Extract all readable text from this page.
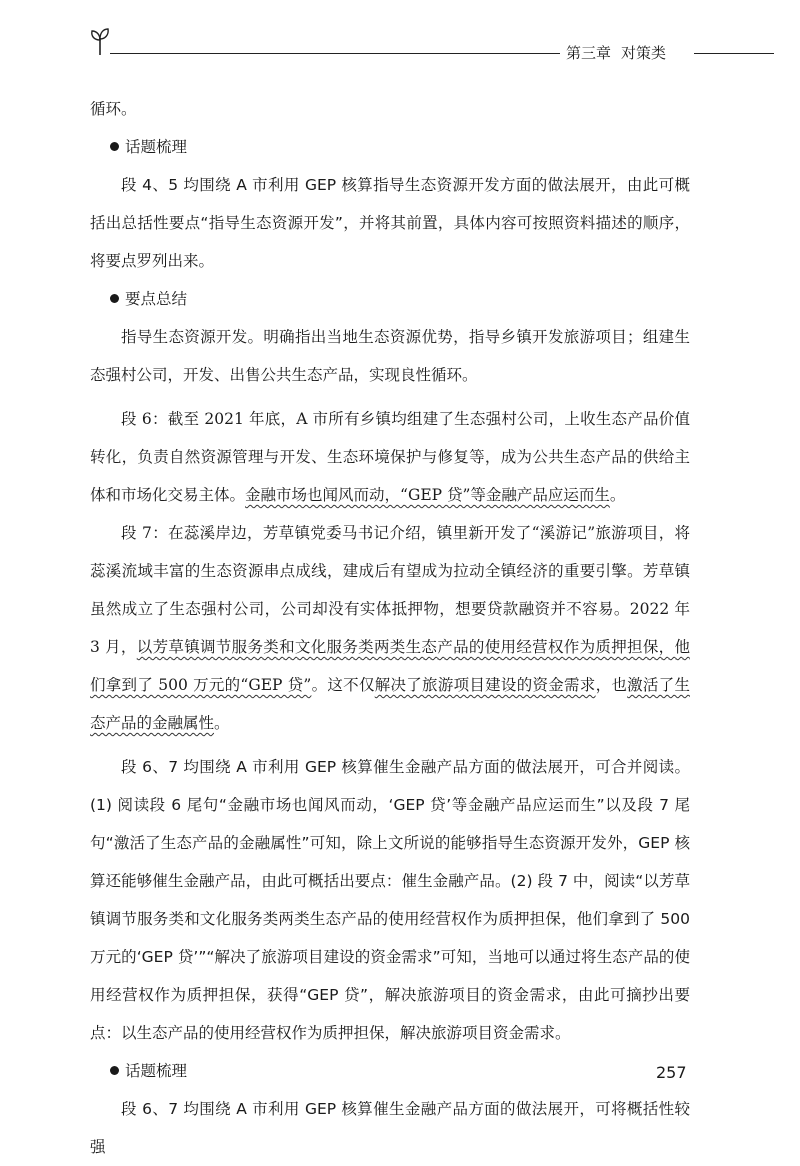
第三章 对策类

循环。

话题梳理

段 4、5 均围绕 A 市利用 GEP 核算指导生态资源开发方面的做法展开，由此可概括出总括性要点“指导生态资源开发”，并将其前置，具体内容可按照资料描述的顺序，将要点罗列出来。

要点总结

指导生态资源开发。明确指出当地生态资源优势，指导乡镇开发旅游项目；组建生态强村公司，开发、出售公共生态产品，实现良性循环。

段 6：截至 2021 年底，A 市所有乡镇均组建了生态强村公司，上收生态产品价值转化，负责自然资源管理与开发、生态环境保护与修复等，成为公共生态产品的供给主体和市场化交易主体。金融市场也闻风而动，“GEP 贷”等金融产品应运而生。

段 7：在蕊溪岸边，芳草镇党委马书记介绍，镇里新开发了“溪游记”旅游项目，将蕊溪流域丰富的生态资源串点成线，建成后有望成为拉动全镇经济的重要引擎。芳草镇虽然成立了生态强村公司，公司却没有实体抵押物，想要贷款融资并不容易。2022 年 3 月，以芳草镇调节服务类和文化服务类两类生态产品的使用经营权作为质押担保，他们拿到了 500 万元的“GEP 贷”。这不仅解决了旅游项目建设的资金需求，也激活了生态产品的金融属性。

段 6、7 均围绕 A 市利用 GEP 核算催生金融产品方面的做法展开，可合并阅读。(1) 阅读段 6 尾句“金融市场也闻风而动，‘GEP 贷’等金融产品应运而生”以及段 7 尾句“激活了生态产品的金融属性”可知，除上文所说的能够指导生态资源开发外，GEP 核算还能够催生金融产品，由此可概括出要点：催生金融产品。(2) 段 7 中，阅读“以芳草镇调节服务类和文化服务类两类生态产品的使用经营权作为质押担保，他们拿到了 500 万元的‘GEP 贷’”“解决了旅游项目建设的资金需求”可知，当地可以通过将生态产品的使用经营权作为质押担保，获得“GEP 贷”，解决旅游项目的资金需求，由此可摘抄出要点：以生态产品的使用经营权作为质押担保，解决旅游项目资金需求。

话题梳理

段 6、7 均围绕 A 市利用 GEP 核算催生金融产品方面的做法展开，可将概括性较强

257
